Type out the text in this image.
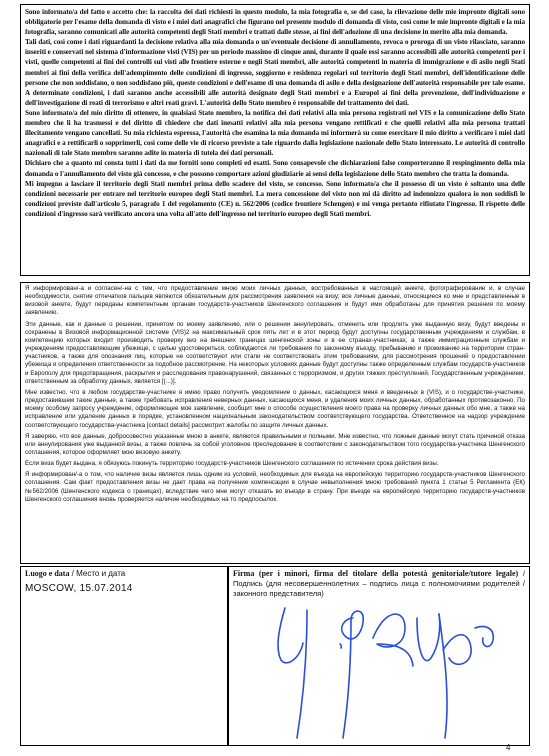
Sono informato/a del fatto e accetto che: la raccolta dei dati richiesti in questo modulo, la mia fotografia e, se del caso, la rilevazione delle mie impronte digitali sono obbligatorie per l'esame della domanda di visto e i miei dati anagrafici che figurano nel presente modulo di domanda di visto, così come le mie impronte digitali e la mia fotografia, saranno comunicati alle autorità competenti degli Stati membri e trattati dalle stesse, ai fini dell'adozione di una decisione in merito alla mia domanda.

Tali dati, così come i dati riguardanti la decisione relativa alla mia domanda o un'eventuale decisione di annullamento, revoca o proroga di un visto rilasciato, saranno inseriti e conservati nel sistema d'informazione visti (VIS) per un periodo massimo di cinque anni, durante il quale essi saranno accessibili alle autorità competenti per i visti, quelle competenti ai fini dei controlli sui visti alle frontiere esterne e negli Stati membri, alle autorità competenti in materia di immigrazione e di asilo negli Stati membri ai fini della verifica dell'adempimento delle condizioni di ingresso, soggiorno e residenza regolari sul territorio degli Stati membri, dell'identificazione delle persone che non soddisfano, o non soddisfano più, queste condizioni e dell'esame di una domanda di asilo e della designazione dell'autorità responsabile per tale esame. A determinate condizioni, i dati saranno anche accessibili alle autorità designate degli Stati membri e a Europol ai fini della prevenzione, dell'individuazione e dell'investigazione di reati di terrorismo e altri reati gravi. L'autorità dello Stato membro è responsabile del trattamento dei dati.

Sono informato/a del mio diritto di ottenere, in qualsiasi Stato membro, la notifica dei dati relativi alla mia persona registrati nel VIS e la comunicazione dello Stato membro che li ha trasmessi e del diritto di chiedere che dati inesatti relativi alla mia persona vengano rettificati e che quelli relativi alla mia persona trattati illecitamente vengano cancellati. Su mia richiesta espressa, l'autorità che esamina la mia domanda mi informerà su come esercitare il mio diritto a verificare i miei dati anagrafici e a rettificarli o sopprimerli, così come delle vie di ricorso previste a tale riguardo dalla legislazione nazionale dello Stato interessato. Le autorità di controllo nazionali di tale Stato membro saranno adite in materia di tutela dei dati personali.

Dichiaro che a quanto mi consta tutti i dati da me forniti sono completi ed esatti. Sono consapevole che dichiarazioni false comporteranno il respingimento della mia domanda o l'annullamento del visto già concesso, e che possono comportare azioni giudiziarie ai sensi della legislazione dello Stato membro che tratta la domanda.

Mi impegno a lasciare il territorio degli Stati membri prima dello scadere del visto, se concesso. Sono informato/a che il possesso di un visto è soltanto una delle condizioni necessarie per entrare nel territorio europeo degli Stati membri. La mera concessione del visto non mi dà diritto ad indennizzo qualora io non soddisfi le condizioni previste dall'articolo 5, paragrafo 1 del regolamento (CE) n. 562/2006 (codice frontiere Schengen) e mi venga pertanto rifiutato l'ingresso. Il rispetto delle condizioni d'ingresso sarà verificato ancora una volta all'atto dell'ingresso nel territorio europeo degli Stati membri.

Я информирован/-а и согласен/-на с тем, что предоставление мною моих личных данных, востребованных в настоящей анкете, фотографирование и, в случае необходимости, снятие отпечатков пальцев являются обязательным для рассмотрения заявления на визу; все личные данные, относящиеся ко мне и представленные в визовой анкете, будут переданы компетентным органам государств-участников Шенгенского соглашения и будут ими обработаны для принятия решения по моему заявлению.

Эти данные, как и данные о решении, принятом по моему заявлению, или о решении аннулировать, отменить или продлить уже выданную визу, будут введены и сохранены в Визовой информационной системе (VIS)2 на максимальный срок пять лет и в этот период будут доступны государственным учреждениям и службам, в компетенцию которых входит производить проверку виз на внешних границах шенгенской зоны и в ее странах-участниках, а также иммиграционным службам и учреждениям предоставляющим убежище, с целью удостовериться, соблюдаются ли требования по законному въезду, пребыванию и проживанию на территории стран-участников, а также для опознания лиц, которые не соответствуют или стали не соответствовать этим требованиям, для рассмотрения прошений о предоставлении убежища и определения ответственности за подобное рассмотрение. На некоторых условиях данные будут доступны также определенным службам государств-участников и Европолу для предотвращения, раскрытия и расследования правонарушений, связанных с терроризмом, и других тяжких преступлений. Государственным учреждением, ответственным за обработку данных, является [(...)].

Мне известно, что в любом государстве-участнике я имею право получить уведомление о данных, касающихся меня и введенных в (VIS), и о государстве-участнике, предоставившем такие данные, а также требовать исправления неверных данных, касающихся меня, и удаления моих личных данных, обработанных противозаконно. По моему особому запросу учреждение, оформляющее мое заявление, сообщит мне о способе осуществления моего права на проверку личных данных обо мне, а также на исправление или удаление данных в порядке, установленном национальным законодательством соответствующего государства. Ответственное на надзор учреждение соответствующего государства-участника [contact details] рассмотрит жалобы по защите личных данных.

Я заверяю, что все данные, добросовестно указанные мною в анкете, являются правильными и полными. Мне известно, что ложные данные могут стать причиной отказа или аннулирования уже выданной визы, а также повлечь за собой уголовное преследование в соответствии с законодательством того государства-участника Шенгенского соглашения, которое оформляет мою визовую анкету.

Если виза будет выдана, я обязуюсь покинуть территорию государств-участников Шенгенского соглашения по истечении срока действия визы.

Я информирован/-а о том, что наличие визы является лишь одним из условий, необходимых для въезда на европейскую территорию государств-участников Шенгенского соглашения. Сам факт предоставления визы не дает права на получение компенсации в случае невыполнения мною требований пункта 1 статьи 5 Регламента (ЕК) №562/2006 (Шенгенского кодекса о границах), вследствие чего мне могут отказать во въезде в страну. При въезде на европейскую территорию государств-участников Шенгенского соглашения вновь проверяется наличие необходимых на то предпосылок.

Luogo e data / Место и дата
MOSCOW, 15.07.2014
Firma (per i minori, firma del titolare della potestà genitoriale/tutore legale) / Подпись (для несовершеннолетних – подпись лица с полномочиями родителей / законного представителя)
4
